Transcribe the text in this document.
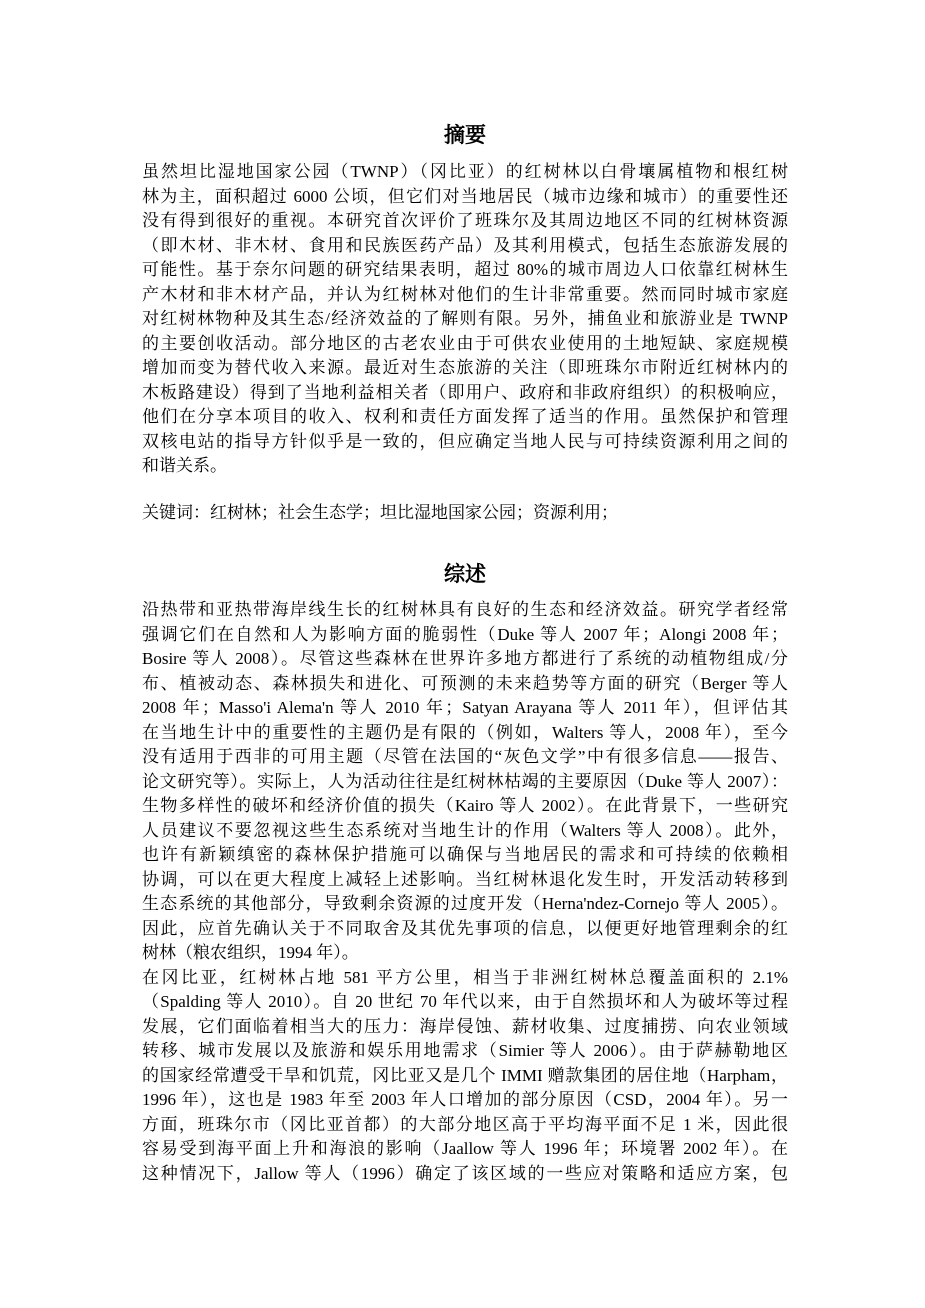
摘要
虽然坦比湿地国家公园（TWNP）（冈比亚）的红树林以白骨壤属植物和根红树
林为主，面积超过 6000 公顷，但它们对当地居民（城市边缘和城市）的重要性还
没有得到很好的重视。本研究首次评价了班珠尔及其周边地区不同的红树林资源
（即木材、非木材、食用和民族医药产品）及其利用模式，包括生态旅游发展的
可能性。基于奈尔问题的研究结果表明，超过 80%的城市周边人口依靠红树林生
产木材和非木材产品，并认为红树林对他们的生计非常重要。然而同时城市家庭
对红树林物种及其生态/经济效益的了解则有限。另外，捕鱼业和旅游业是 TWNP
的主要创收活动。部分地区的古老农业由于可供农业使用的土地短缺、家庭规模
增加而变为替代收入来源。最近对生态旅游的关注（即班珠尔市附近红树林内的
木板路建设）得到了当地利益相关者（即用户、政府和非政府组织）的积极响应，
他们在分享本项目的收入、权利和责任方面发挥了适当的作用。虽然保护和管理
双核电站的指导方针似乎是一致的，但应确定当地人民与可持续资源利用之间的
和谐关系。
关键词：红树林；社会生态学；坦比湿地国家公园；资源利用；
综述
沿热带和亚热带海岸线生长的红树林具有良好的生态和经济效益。研究学者经常
强调它们在自然和人为影响方面的脆弱性（Duke 等人 2007 年；Alongi 2008 年；
Bosire 等人 2008）。尽管这些森林在世界许多地方都进行了系统的动植物组成/分
布、植被动态、森林损失和进化、可预测的未来趋势等方面的研究（Berger 等人
2008 年；Masso'i Alema'n 等人 2010 年；Satyan Arayana 等人 2011 年），但评估其
在当地生计中的重要性的主题仍是有限的（例如，Walters 等人，2008 年），至今
没有适用于西非的可用主题（尽管在法国的“灰色文学”中有很多信息——报告、
论文研究等）。实际上，人为活动往往是红树林枯竭的主要原因（Duke 等人 2007）：
生物多样性的破坏和经济价值的损失（Kairo 等人 2002）。在此背景下，一些研究
人员建议不要忽视这些生态系统对当地生计的作用（Walters 等人 2008）。此外，
也许有新颖缜密的森林保护措施可以确保与当地居民的需求和可持续的依赖相
协调，可以在更大程度上减轻上述影响。当红树林退化发生时，开发活动转移到
生态系统的其他部分，导致剩余资源的过度开发（Herna'ndez-Cornejo 等人 2005）。
因此，应首先确认关于不同取舍及其优先事项的信息，以便更好地管理剩余的红
树林（粮农组织，1994 年）。
在冈比亚，红树林占地 581 平方公里，相当于非洲红树林总覆盖面积的 2.1%
（Spalding 等人 2010）。自 20 世纪 70 年代以来，由于自然损坏和人为破坏等过程
发展，它们面临着相当大的压力：海岸侵蚀、薪材收集、过度捕捞、向农业领域
转移、城市发展以及旅游和娱乐用地需求（Simier 等人 2006）。由于萨赫勒地区
的国家经常遭受干旱和饥荒，冈比亚又是几个 IMMI 赠款集团的居住地（Harpham，
1996 年），这也是 1983 年至 2003 年人口增加的部分原因（CSD，2004 年）。另一
方面，班珠尔市（冈比亚首都）的大部分地区高于平均海平面不足 1 米，因此很
容易受到海平面上升和海浪的影响（Jaallow 等人 1996 年；环境署 2002 年）。在
这种情况下，Jallow 等人（1996）确定了该区域的一些应对策略和适应方案，包
